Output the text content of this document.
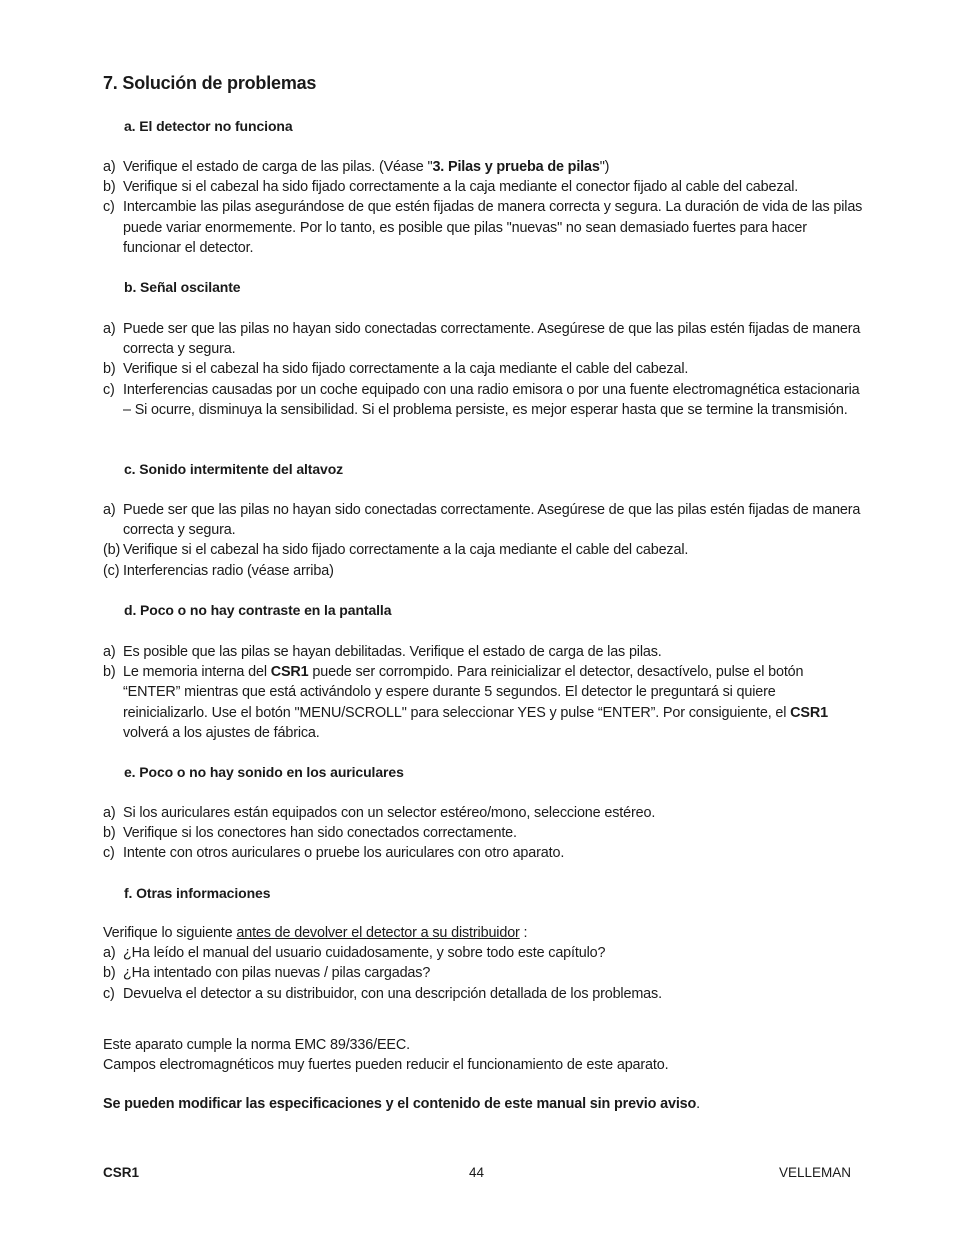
7. Solución de problemas
a. El detector no funciona
a) Verifique el estado de carga de las pilas. (Véase "3. Pilas y prueba de pilas")
b) Verifique si el cabezal ha sido fijado correctamente a la caja mediante el conector fijado al cable del cabezal.
c) Intercambie las pilas asegurándose de que estén fijadas de manera correcta y segura. La duración de vida de las pilas puede variar enormemente. Por lo tanto, es posible que pilas "nuevas" no sean demasiado fuertes para hacer funcionar el detector.
b. Señal oscilante
a) Puede ser que las pilas no hayan sido conectadas correctamente. Asegúrese de que las pilas estén fijadas de manera correcta y segura.
b) Verifique si el cabezal ha sido fijado correctamente a la caja mediante el cable del cabezal.
c) Interferencias causadas por un coche equipado con una radio emisora o por una fuente electromagnética estacionaria – Si ocurre, disminuya la sensibilidad. Si el problema persiste, es mejor esperar hasta que se termine la transmisión.
c. Sonido intermitente del altavoz
a) Puede ser que las pilas no hayan sido conectadas correctamente. Asegúrese de que las pilas estén fijadas de manera correcta y segura.
(b) Verifique si el cabezal ha sido fijado correctamente a la caja mediante el cable del cabezal.
(c) Interferencias radio (véase arriba)
d. Poco o no hay contraste en la pantalla
a) Es posible que las pilas se hayan debilitadas. Verifique el estado de carga de las pilas.
b) Le memoria interna del CSR1 puede ser corrompido. Para reinicializar el detector, desactívelo, pulse el botón “ENTER” mientras que está activándolo y espere durante 5 segundos. El detector le preguntará si quiere reinicializarlo. Use el botón "MENU/SCROLL" para seleccionar YES y pulse “ENTER”. Por consiguiente, el CSR1 volverá a los ajustes de fábrica.
e. Poco o no hay sonido en los auriculares
a) Si los auriculares están equipados con un selector estéreo/mono, seleccione estéreo.
b) Verifique si los conectores han sido conectados correctamente.
c) Intente con otros auriculares o pruebe los auriculares con otro aparato.
f. Otras informaciones
Verifique lo siguiente antes de devolver el detector a su distribuidor :
a) ¿Ha leído el manual del usuario cuidadosamente, y sobre todo este capítulo?
b) ¿Ha intentado con pilas nuevas / pilas cargadas?
c) Devuelva el detector a su distribuidor, con una descripción detallada de los problemas.
Este aparato cumple la norma EMC 89/336/EEC.
Campos electromagnéticos muy fuertes pueden reducir el funcionamiento de este aparato.
Se pueden modificar las especificaciones y el contenido de este manual sin previo aviso.
CSR1	44	VELLEMAN
